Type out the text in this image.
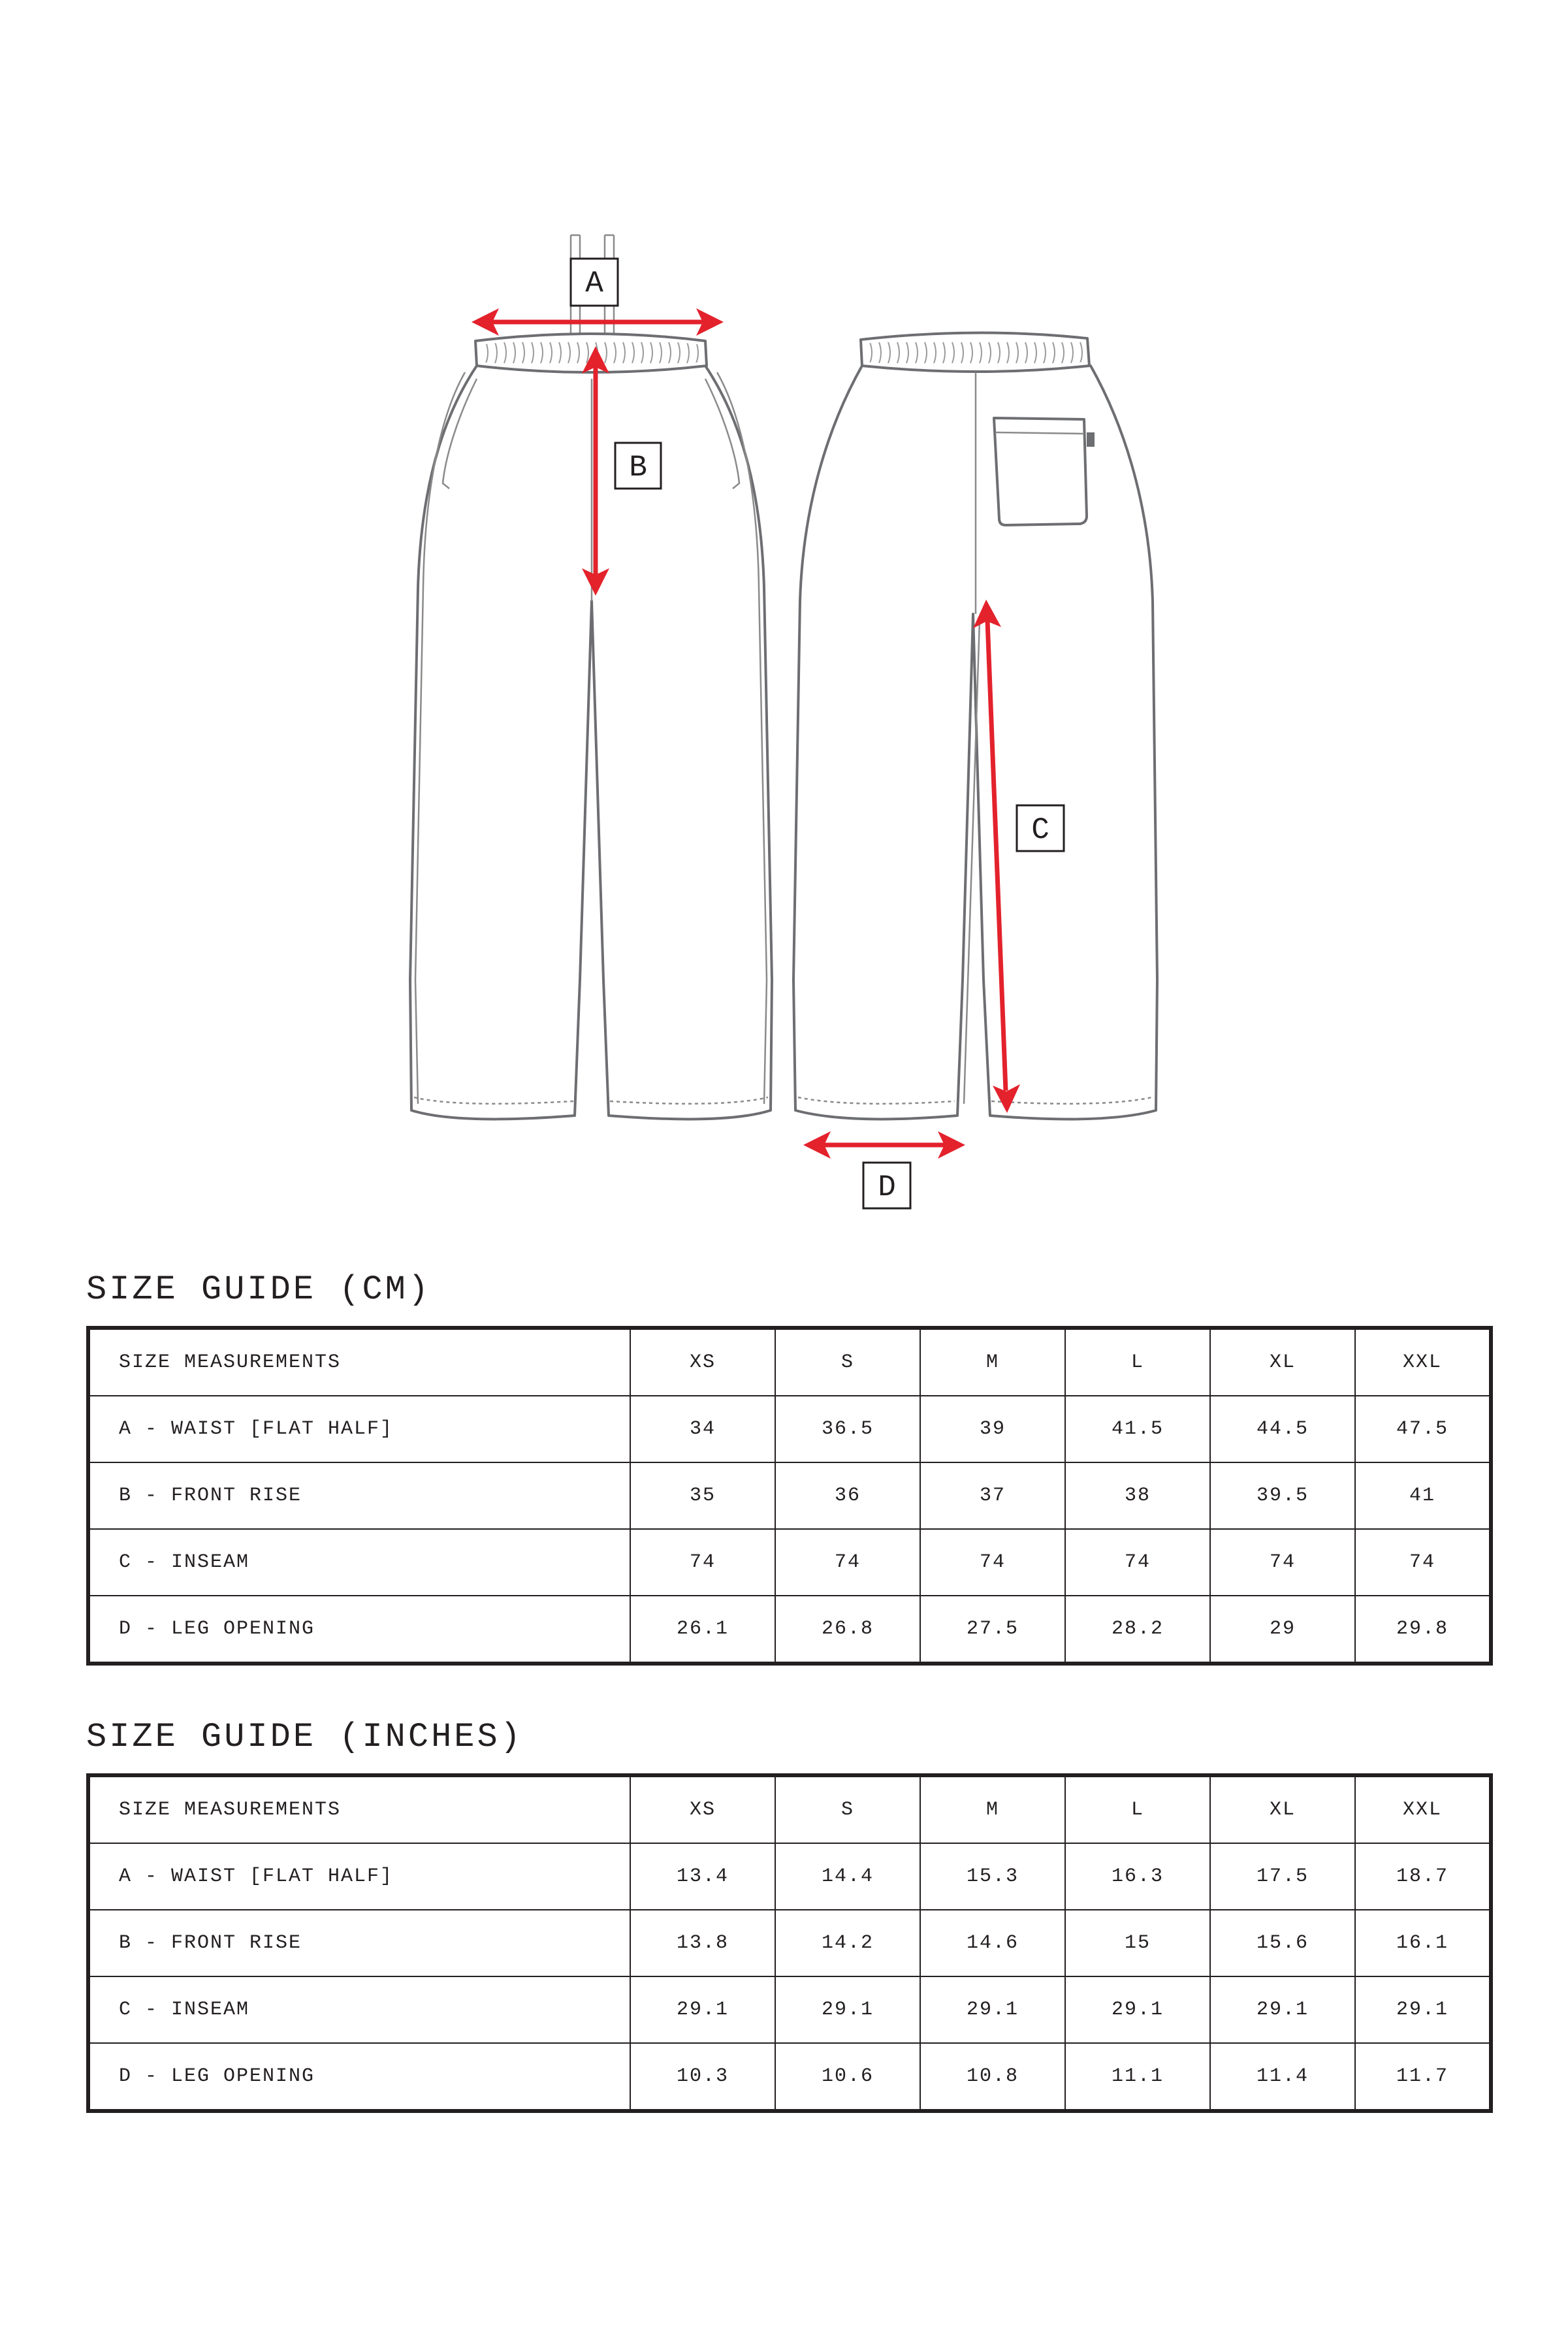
A
B
C
D
SIZE GUIDE (CM)
SIZE MEASUREMENTS	XS	S	M	L	XL	XXL
A - WAIST [FLAT HALF]	34	36.5	39	41.5	44.5	47.5
B - FRONT RISE	35	36	37	38	39.5	41
C - INSEAM	74	74	74	74	74	74
D - LEG OPENING	26.1	26.8	27.5	28.2	29	29.8
SIZE GUIDE (INCHES)
SIZE MEASUREMENTS	XS	S	M	L	XL	XXL
A - WAIST [FLAT HALF]	13.4	14.4	15.3	16.3	17.5	18.7
B - FRONT RISE	13.8	14.2	14.6	15	15.6	16.1
C - INSEAM	29.1	29.1	29.1	29.1	29.1	29.1
D - LEG OPENING	10.3	10.6	10.8	11.1	11.4	11.7
